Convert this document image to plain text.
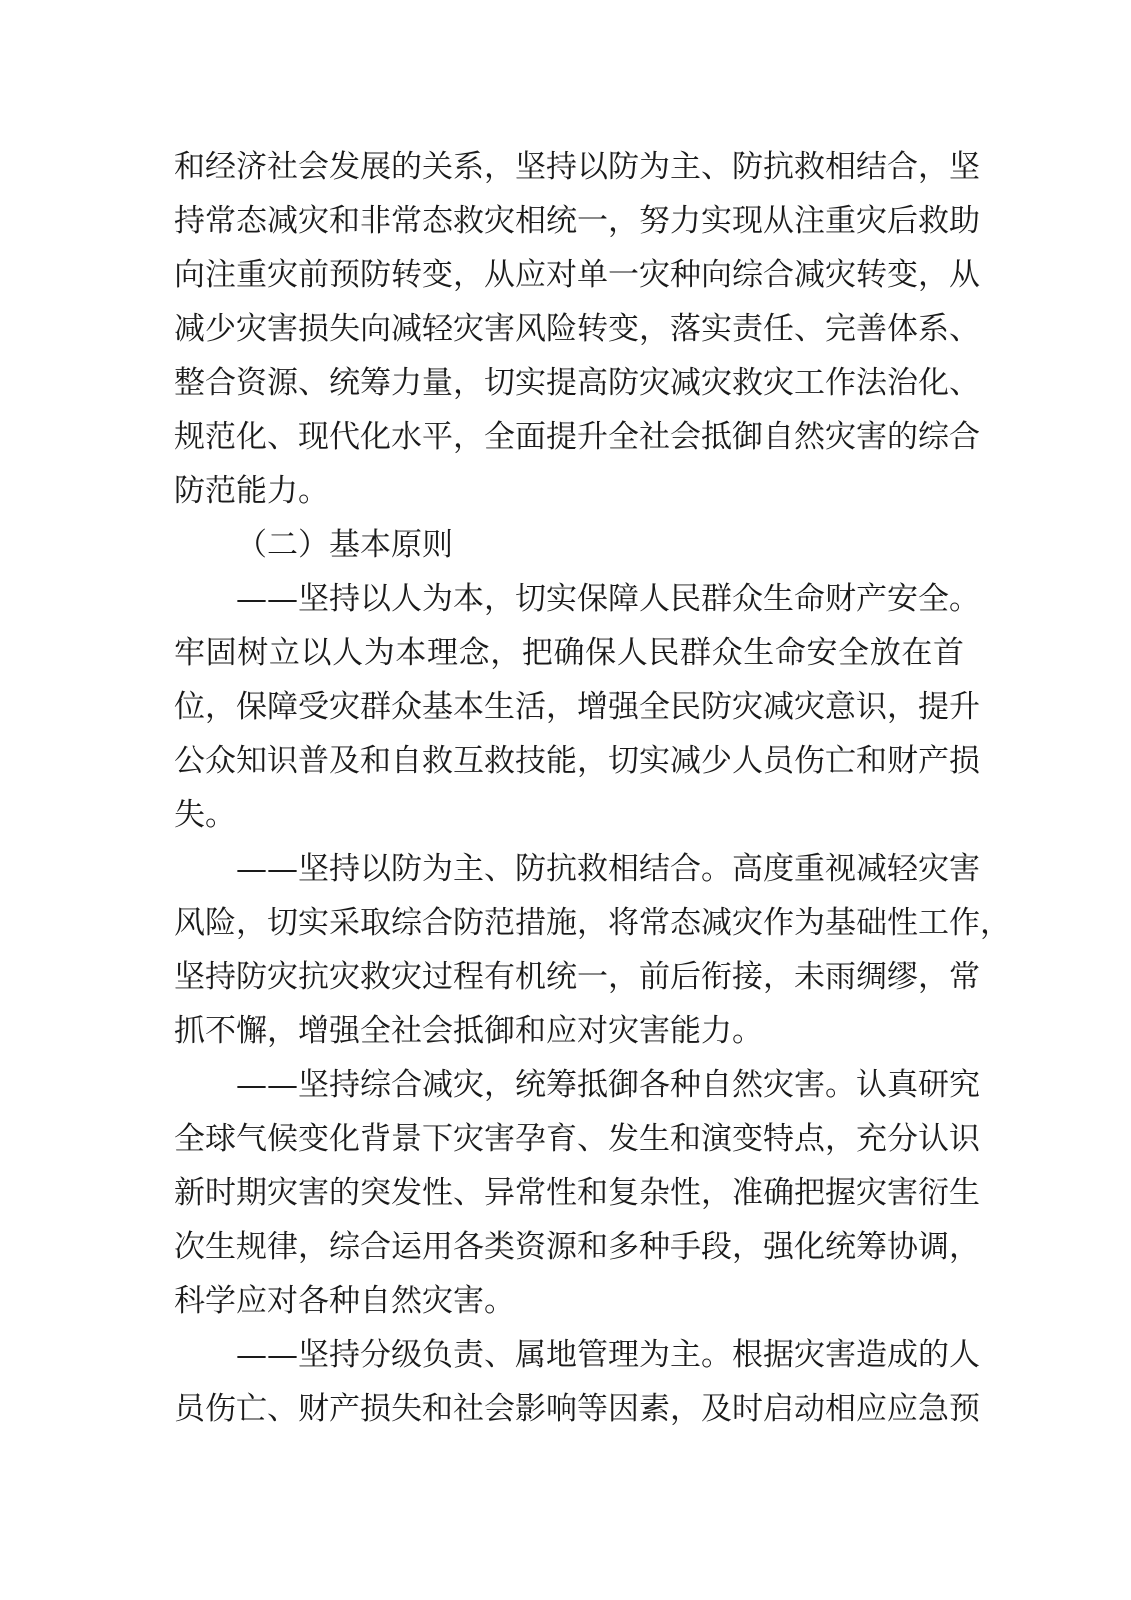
和经济社会发展的关系，坚持以防为主、防抗救相结合，坚
持常态减灾和非常态救灾相统一，努力实现从注重灾后救助
向注重灾前预防转变，从应对单一灾种向综合减灾转变，从
减少灾害损失向减轻灾害风险转变，落实责任、完善体系、
整合资源、统筹力量，切实提高防灾减灾救灾工作法治化、
规范化、现代化水平，全面提升全社会抵御自然灾害的综合
防范能力。
（二）基本原则
——坚持以人为本，切实保障人民群众生命财产安全。
牢固树立以人为本理念，把确保人民群众生命安全放在首
位，保障受灾群众基本生活，增强全民防灾减灾意识，提升
公众知识普及和自救互救技能，切实减少人员伤亡和财产损
失。
——坚持以防为主、防抗救相结合。高度重视减轻灾害
风险，切实采取综合防范措施，将常态减灾作为基础性工作，
坚持防灾抗灾救灾过程有机统一，前后衔接，未雨绸缪，常
抓不懈，增强全社会抵御和应对灾害能力。
——坚持综合减灾，统筹抵御各种自然灾害。认真研究
全球气候变化背景下灾害孕育、发生和演变特点，充分认识
新时期灾害的突发性、异常性和复杂性，准确把握灾害衍生
次生规律，综合运用各类资源和多种手段，强化统筹协调，
科学应对各种自然灾害。
——坚持分级负责、属地管理为主。根据灾害造成的人
员伤亡、财产损失和社会影响等因素，及时启动相应应急预
